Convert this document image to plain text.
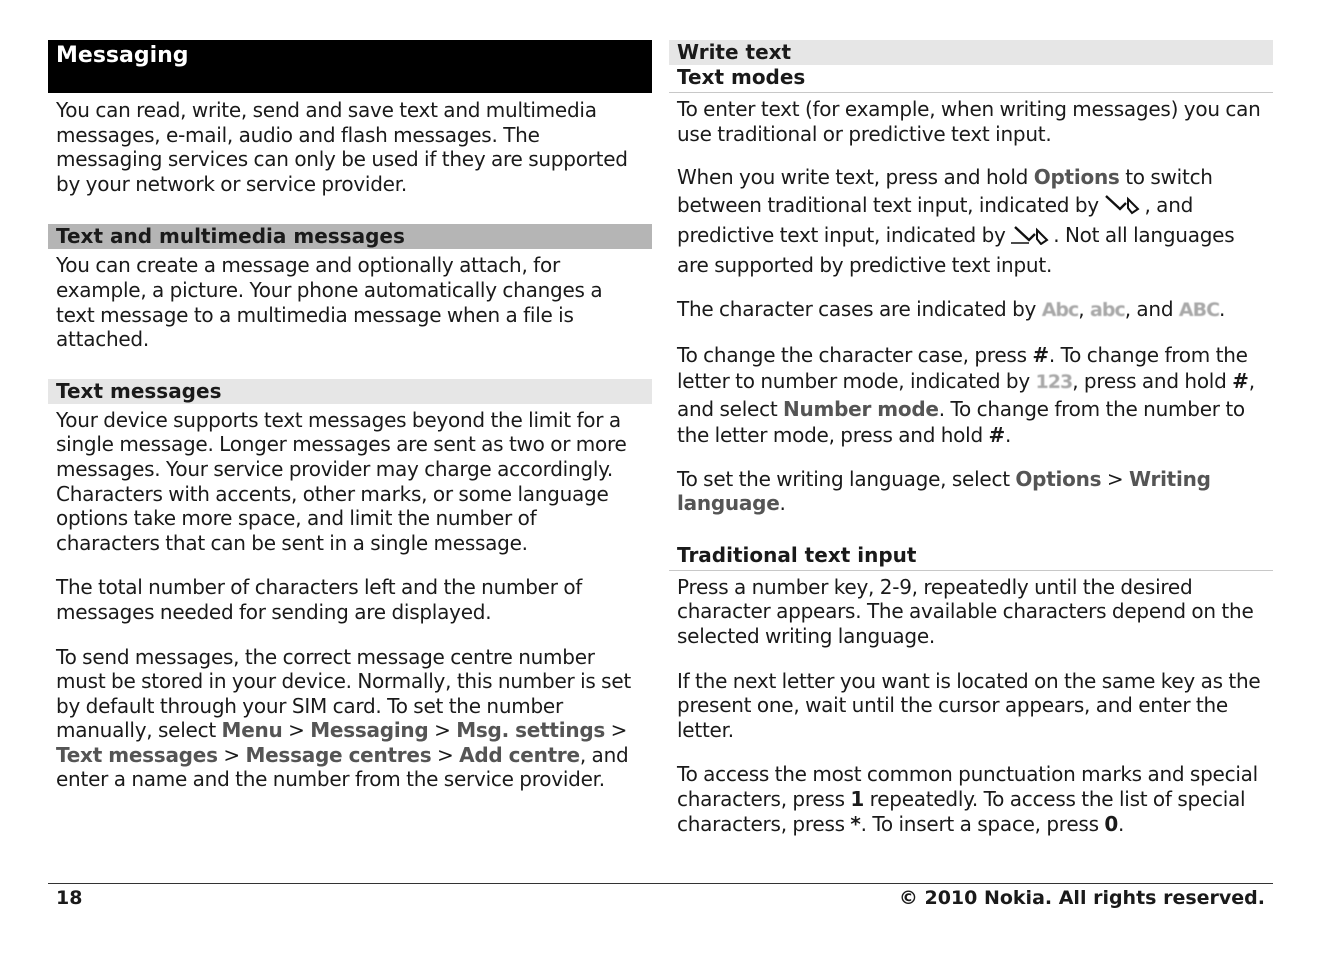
Messaging

You can read, write, send and save text and multimedia messages, e-mail, audio and flash messages. The messaging services can only be used if they are supported by your network or service provider.

Text and multimedia messages

You can create a message and optionally attach, for example, a picture. Your phone automatically changes a text message to a multimedia message when a file is attached.

Text messages

Your device supports text messages beyond the limit for a single message. Longer messages are sent as two or more messages. Your service provider may charge accordingly. Characters with accents, other marks, or some language options take more space, and limit the number of characters that can be sent in a single message.

The total number of characters left and the number of messages needed for sending are displayed.

To send messages, the correct message centre number must be stored in your device. Normally, this number is set by default through your SIM card. To set the number manually, select Menu > Messaging > Msg. settings > Text messages > Message centres > Add centre, and enter a name and the number from the service provider.

Write text
Text modes

To enter text (for example, when writing messages) you can use traditional or predictive text input.

When you write text, press and hold Options to switch between traditional text input, indicated by , and predictive text input, indicated by . Not all languages are supported by predictive text input.

The character cases are indicated by Abc, abc, and ABC.

To change the character case, press #. To change from the letter to number mode, indicated by 123, press and hold #, and select Number mode. To change from the number to the letter mode, press and hold #.

To set the writing language, select Options > Writing language.

Traditional text input

Press a number key, 2-9, repeatedly until the desired character appears. The available characters depend on the selected writing language.

If the next letter you want is located on the same key as the present one, wait until the cursor appears, and enter the letter.

To access the most common punctuation marks and special characters, press 1 repeatedly. To access the list of special characters, press *. To insert a space, press 0.

18	© 2010 Nokia. All rights reserved.
